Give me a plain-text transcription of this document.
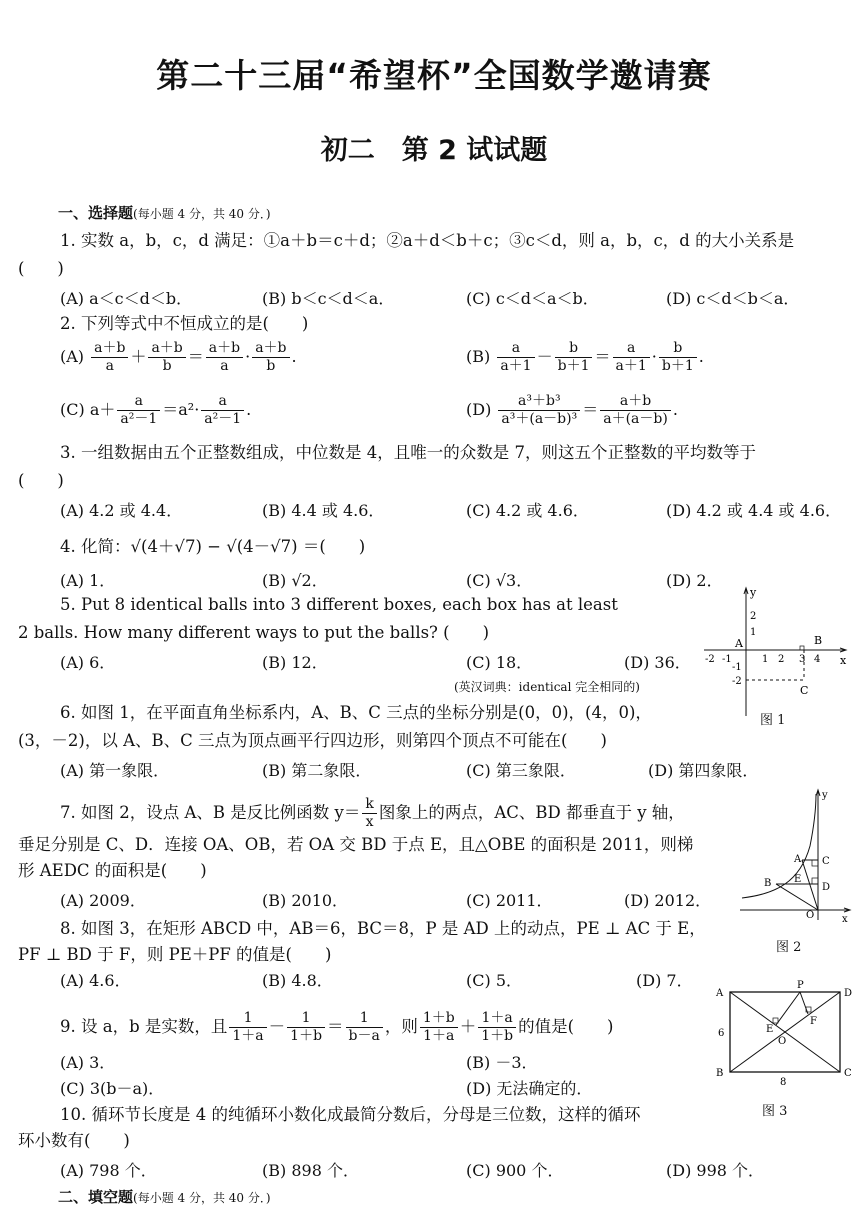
第二十三届“希望杯”全国数学邀请赛
初二　第 2 试试题
一、选择题(每小题 4 分，共 40 分．)
1. 实数 a，b，c，d 满足：①a＋b＝c＋d；②a＋d＜b＋c；③c＜d，则 a，b，c，d 的大小关系是
(　　)
(A) a＜c＜d＜b．	(B) b＜c＜d＜a．	(C) c＜d＜a＜b．	(D) c＜d＜b＜a．
2. 下列等式中不恒成立的是(　　)
$(A) \frac{a+b}{a} + \frac{a+b}{b} = \frac{a+b}{a} \cdot \frac{a+b}{b}$ .	$(B) \frac{a}{a+1} - \frac{b}{b+1} = \frac{a}{a+1} \cdot \frac{b}{b+1}$ .
(C) $a+ \frac{a}{\text{a²－1}} =a^2\cdot \frac{a}{\text{a²－1}}$ .	$(D) \frac{\text{a³＋b³}}{\text{a³＋(a－b)³}} = \frac{a+b}{a+(a-b)}$ .
3. 一组数据由五个正整数组成，中位数是 4，且唯一的众数是 7，则这五个正整数的平均数等于
(　　)
(A) 4.2 或 4.4．	(B) 4.4 或 4.6．	(C) 4.2 或 4.6．	(D) 4.2 或 4.4 或 4.6．
4. 化简：√(4＋√7) − √(4－√7) ＝(　　)
(A) 1．	(B) √2．	(C) √3．	(D) 2．
5. Put 8 identical balls into 3 different boxes, each box has at least
2 balls. How many different ways to put the balls? (　　)
(A) 6．	(B) 12．	(C) 18．	(D) 36．
(英汉词典：identical 完全相同的)
y
x
2
1
A	B
C
-2 -1	1 2 3 4
-1
-2
图 1
6. 如图 1，在平面直角坐标系内，A、B、C 三点的坐标分别是(0，0)，(4，0)，
(3，－2)，以 A、B、C 三点为顶点画平行四边形，则第四个顶点不可能在(　　)
(A) 第一象限．	(B) 第二象限．	(C) 第三象限．	(D) 第四象限．
7. 如图 2，设点 A、B 是反比例函数 $y= \frac{k}{x}$ 图象上的两点，AC、BD 都垂直于 y 轴，
垂足分别是 C、D．连接 OA、OB，若 OA 交 BD 于点 E，且△OBE 的面积是 2011，则梯
形 AEDC 的面积是(　　)
(A) 2009．	(B) 2010．	(C) 2011．	(D) 2012．
y
x
A
B
C
D
E
O
图 2
8. 如图 3，在矩形 ABCD 中，AB＝6，BC＝8，P 是 AD 上的动点，PE ⊥ AC 于 E，
PF ⊥ BD 于 F，则 PE＋PF 的值是(　　)
(A) 4.6．	(B) 4.8．	(C) 5．	(D) 7．
A
P
D
6	E
F
O
B
8
C
图 3
9. 设 a，b 是实数，且 $\frac{1}{1+a} - \frac{1}{1+b} = \frac{1}{b-a}$ ，则 $\frac{1+b}{1+a} + \frac{1+a}{1+b}$ 的值是(　　)
(A) 3．	(B) －3．
(C) 3(b－a)．	(D) 无法确定的．
10. 循环节长度是 4 的纯循环小数化成最简分数后，分母是三位数，这样的循环
环小数有(　　)
(A) 798 个．	(B) 898 个．	(C) 900 个．	(D) 998 个．
二、填空题(每小题 4 分，共 40 分．)
